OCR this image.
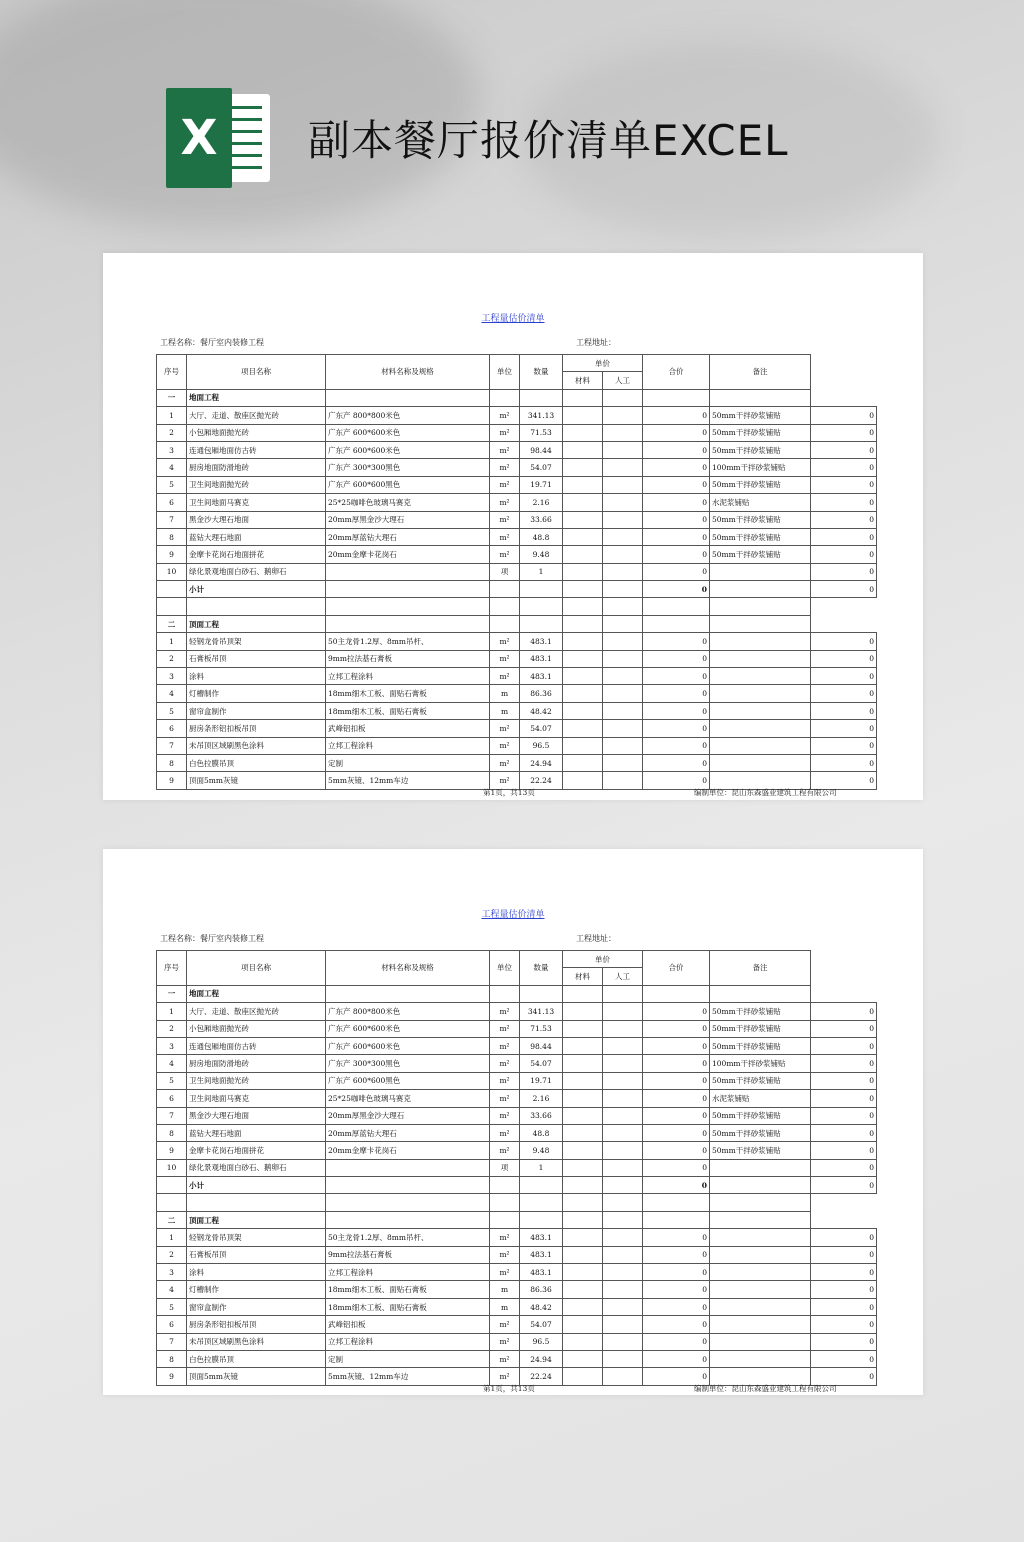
X 副本餐厅报价清单EXCEL
工程量估价清单
工程名称：餐厅室内装修工程	工程地址：
序号	项目名称	材料名称及规格	单位	数量	单价		合价	备注	
					材料	人工			
一	地面工程								
1	大厅、走道、散座区抛光砖	广东产 800*800米色	m²	341.13			0	50mm干拌砂浆铺贴	0
2	小包厢地面抛光砖	广东产 600*600米色	m²	71.53			0	50mm干拌砂浆铺贴	0
3	连通包厢地面仿古砖	广东产 600*600米色	m²	98.44			0	50mm干拌砂浆铺贴	0
4	厨房地面防滑地砖	广东产 300*300黑色	m²	54.07			0	100mm干拌砂浆铺贴	0
5	卫生间地面抛光砖	广东产 600*600黑色	m²	19.71			0	50mm干拌砂浆铺贴	0
6	卫生间地面马赛克	25*25咖啡色玻璃马赛克	m²	2.16			0	水泥浆铺贴	0
7	黑金沙大理石地面	20mm厚黑金沙大理石	m²	33.66			0	50mm干拌砂浆铺贴	0
8	蓝钻大理石地面	20mm厚蓝钻大理石	m²	48.8			0	50mm干拌砂浆铺贴	0
9	金摩卡花岗石地面拼花	20mm金摩卡花岗石	m²	9.48			0	50mm干拌砂浆铺贴	0
10	绿化景观地面白砂石、鹅卵石		项	1			0		0
	小计						0		0

二	顶面工程								
1	轻钢龙骨吊顶架	50主龙骨1.2厚、8mm吊杆、	m²	483.1			0		0
2	石膏板吊顶	9mm拉法基石膏板	m²	483.1			0		0
3	涂料	立邦工程涂料	m²	483.1			0		0
4	灯槽制作	18mm细木工板、面贴石膏板	m	86.36			0		0
5	窗帘盒制作	18mm细木工板、面贴石膏板	m	48.42			0		0
6	厨房条形铝扣板吊顶	武峰铝扣板	m²	54.07			0		0
7	未吊顶区域刷黑色涂料	立邦工程涂料	m²	96.5			0		0
8	白色拉膜吊顶	定制	m²	24.94			0		0
9	顶面5mm灰镜	5mm灰镜、12mm车边	m²	22.24			0		0
第1页，共13页	编制单位：昆山东森盛业建筑工程有限公司
工程量估价清单
工程名称：餐厅室内装修工程	工程地址：
序号	项目名称	材料名称及规格	单位	数量	单价		合价	备注	
					材料	人工			
一	地面工程								
1	大厅、走道、散座区抛光砖	广东产 800*800米色	m²	341.13			0	50mm干拌砂浆铺贴	0
2	小包厢地面抛光砖	广东产 600*600米色	m²	71.53			0	50mm干拌砂浆铺贴	0
3	连通包厢地面仿古砖	广东产 600*600米色	m²	98.44			0	50mm干拌砂浆铺贴	0
4	厨房地面防滑地砖	广东产 300*300黑色	m²	54.07			0	100mm干拌砂浆铺贴	0
5	卫生间地面抛光砖	广东产 600*600黑色	m²	19.71			0	50mm干拌砂浆铺贴	0
6	卫生间地面马赛克	25*25咖啡色玻璃马赛克	m²	2.16			0	水泥浆铺贴	0
7	黑金沙大理石地面	20mm厚黑金沙大理石	m²	33.66			0	50mm干拌砂浆铺贴	0
8	蓝钻大理石地面	20mm厚蓝钻大理石	m²	48.8			0	50mm干拌砂浆铺贴	0
9	金摩卡花岗石地面拼花	20mm金摩卡花岗石	m²	9.48			0	50mm干拌砂浆铺贴	0
10	绿化景观地面白砂石、鹅卵石		项	1			0		0
	小计						0		0

二	顶面工程								
1	轻钢龙骨吊顶架	50主龙骨1.2厚、8mm吊杆、	m²	483.1			0		0
2	石膏板吊顶	9mm拉法基石膏板	m²	483.1			0		0
3	涂料	立邦工程涂料	m²	483.1			0		0
4	灯槽制作	18mm细木工板、面贴石膏板	m	86.36			0		0
5	窗帘盒制作	18mm细木工板、面贴石膏板	m	48.42			0		0
6	厨房条形铝扣板吊顶	武峰铝扣板	m²	54.07			0		0
7	未吊顶区域刷黑色涂料	立邦工程涂料	m²	96.5			0		0
8	白色拉膜吊顶	定制	m²	24.94			0		0
9	顶面5mm灰镜	5mm灰镜、12mm车边	m²	22.24			0		0
第1页，共13页	编制单位：昆山东森盛业建筑工程有限公司
